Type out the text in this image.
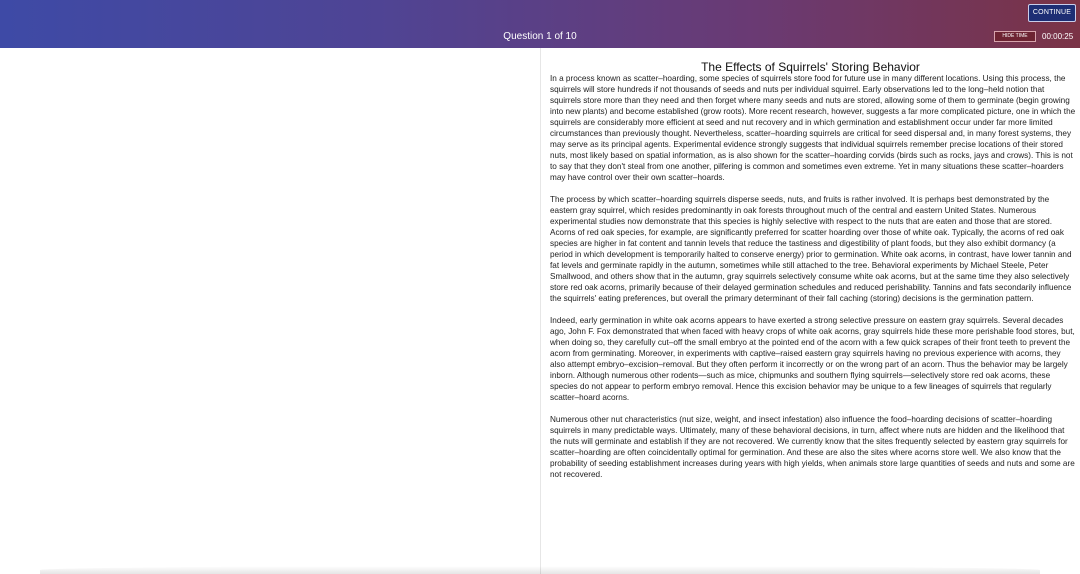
Question 1 of 10
CONTINUE
HIDE TIME	00:00:25
The Effects of Squirrels' Storing Behavior

In a process known as scatter–hoarding, some species of squirrels store food for future use in many different locations. Using this process, the squirrels will store hundreds if not thousands of seeds and nuts per individual squirrel. Early observations led to the long–held notion that squirrels store more than they need and then forget where many seeds and nuts are stored, allowing some of them to germinate (begin growing into new plants) and become established (grow roots). More recent research, however, suggests a far more complicated picture, one in which the squirrels are considerably more efficient at seed and nut recovery and in which germination and establishment occur under far more limited circumstances than previously thought. Nevertheless, scatter–hoarding squirrels are critical for seed dispersal and, in many forest systems, they may serve as its principal agents. Experimental evidence strongly suggests that individual squirrels remember precise locations of their stored nuts, most likely based on spatial information, as is also shown for the scatter–hoarding corvids (birds such as rocks, jays and crows). This is not to say that they don't steal from one another, pilfering is common and sometimes even extreme. Yet in many situations these scatter–hoarders may have control over their own scatter–hoards.

The process by which scatter–hoarding squirrels disperse seeds, nuts, and fruits is rather involved. It is perhaps best demonstrated by the eastern gray squirrel, which resides predominantly in oak forests throughout much of the central and eastern United States. Numerous experimental studies now demonstrate that this species is highly selective with respect to the nuts that are eaten and those that are stored. Acorns of red oak species, for example, are significantly preferred for scatter hoarding over those of white oak. Typically, the acorns of red oak species are higher in fat content and tannin levels that reduce the tastiness and digestibility of plant foods, but they also exhibit dormancy (a period in which development is temporarily halted to conserve energy) prior to germination. White oak acorns, in contrast, have lower tannin and fat levels and germinate rapidly in the autumn, sometimes while still attached to the tree. Behavioral experiments by Michael Steele, Peter Smallwood, and others show that in the autumn, gray squirrels selectively consume white oak acorns, but at the same time they also selectively store red oak acorns, primarily because of their delayed germination schedules and reduced perishability. Tannins and fats secondarily influence the squirrels' eating preferences, but overall the primary determinant of their fall caching (storing) decisions is the germination pattern.

Indeed, early germination in white oak acorns appears to have exerted a strong selective pressure on eastern gray squirrels. Several decades ago, John F. Fox demonstrated that when faced with heavy crops of white oak acorns, gray squirrels hide these more perishable food stores, but, when doing so, they carefully cut–off the small embryo at the pointed end of the acorn with a few quick scrapes of their front teeth to prevent the acorn from germinating. Moreover, in experiments with captive–raised eastern gray squirrels having no previous experience with acorns, they also attempt embryo–excision–removal. But they often perform it incorrectly or on the wrong part of an acorn. Thus the behavior may be largely inborn. Although numerous other rodents—such as mice, chipmunks and southern flying squirrels—selectively store red oak acorns, these species do not appear to perform embryo removal. Hence this excision behavior may be unique to a few lineages of squirrels that regularly scatter–hoard acorns.

Numerous other nut characteristics (nut size, weight, and insect infestation) also influence the food–hoarding decisions of scatter–hoarding squirrels in many predictable ways. Ultimately, many of these behavioral decisions, in turn, affect where nuts are hidden and the likelihood that the nuts will germinate and establish if they are not recovered. We currently know that the sites frequently selected by eastern gray squirrels for scatter–hoarding are often coincidentally optimal for germination. And these are also the sites where acorns store well. We also know that the probability of seeding establishment increases during years with high yields, when animals store large quantities of seeds and nuts and some are not recovered.
